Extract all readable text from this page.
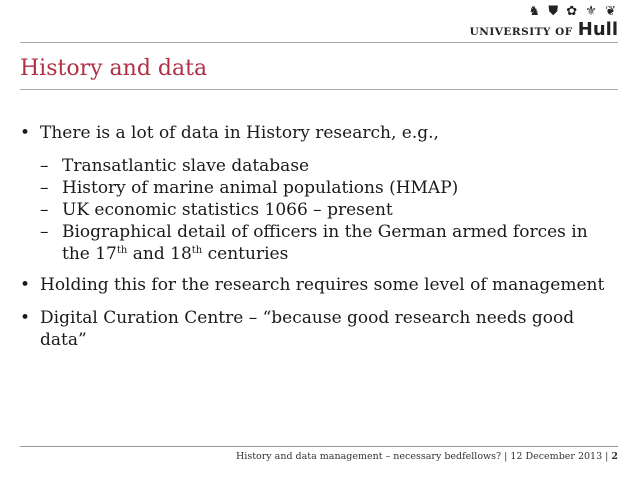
♞ ⛊ ✿ ⚜ ❦
UNIVERSITY OF Hull
History and data
• There is a lot of data in History research, e.g.,
– Transatlantic slave database
– History of marine animal populations (HMAP)
– UK economic statistics 1066 – present
– Biographical detail of officers in the German armed forces in the 17th and 18th centuries
• Holding this for the research requires some level of management
• Digital Curation Centre – “because good research needs good data”
History and data management – necessary bedfellows? | 12 December 2013 | 2
